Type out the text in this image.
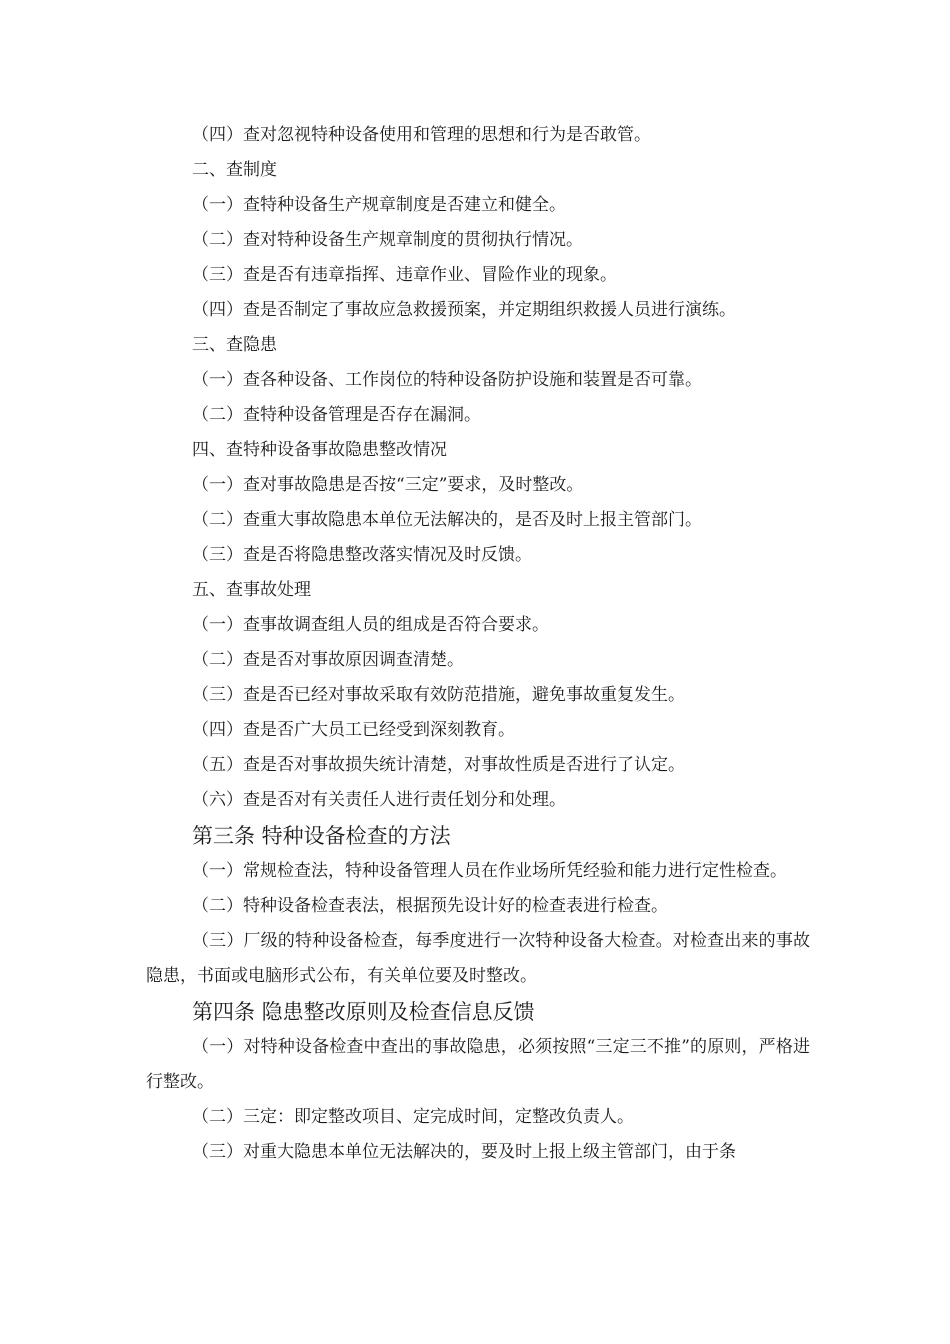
（四）查对忽视特种设备使用和管理的思想和行为是否敢管。
二、查制度
（一）查特种设备生产规章制度是否建立和健全。
（二）查对特种设备生产规章制度的贯彻执行情况。
（三）查是否有违章指挥、违章作业、冒险作业的现象。
（四）查是否制定了事故应急救援预案，并定期组织救援人员进行演练。
三、查隐患
（一）查各种设备、工作岗位的特种设备防护设施和装置是否可靠。
（二）查特种设备管理是否存在漏洞。
四、查特种设备事故隐患整改情况
（一）查对事故隐患是否按“三定”要求，及时整改。
（二）查重大事故隐患本单位无法解决的，是否及时上报主管部门。
（三）查是否将隐患整改落实情况及时反馈。
五、查事故处理
（一）查事故调查组人员的组成是否符合要求。
（二）查是否对事故原因调查清楚。
（三）查是否已经对事故采取有效防范措施，避免事故重复发生。
（四）查是否广大员工已经受到深刻教育。
（五）查是否对事故损失统计清楚，对事故性质是否进行了认定。
（六）查是否对有关责任人进行责任划分和处理。
第三条 特种设备检查的方法
（一）常规检查法，特种设备管理人员在作业场所凭经验和能力进行定性检查。
（二）特种设备检查表法，根据预先设计好的检查表进行检查。
（三）厂级的特种设备检查，每季度进行一次特种设备大检查。对检查出来的事故隐患，书面或电脑形式公布，有关单位要及时整改。
第四条 隐患整改原则及检查信息反馈
（一）对特种设备检查中查出的事故隐患，必须按照“三定三不推”的原则，严格进行整改。
（二）三定：即定整改项目、定完成时间，定整改负责人。
（三）对重大隐患本单位无法解决的，要及时上报上级主管部门，由于条
